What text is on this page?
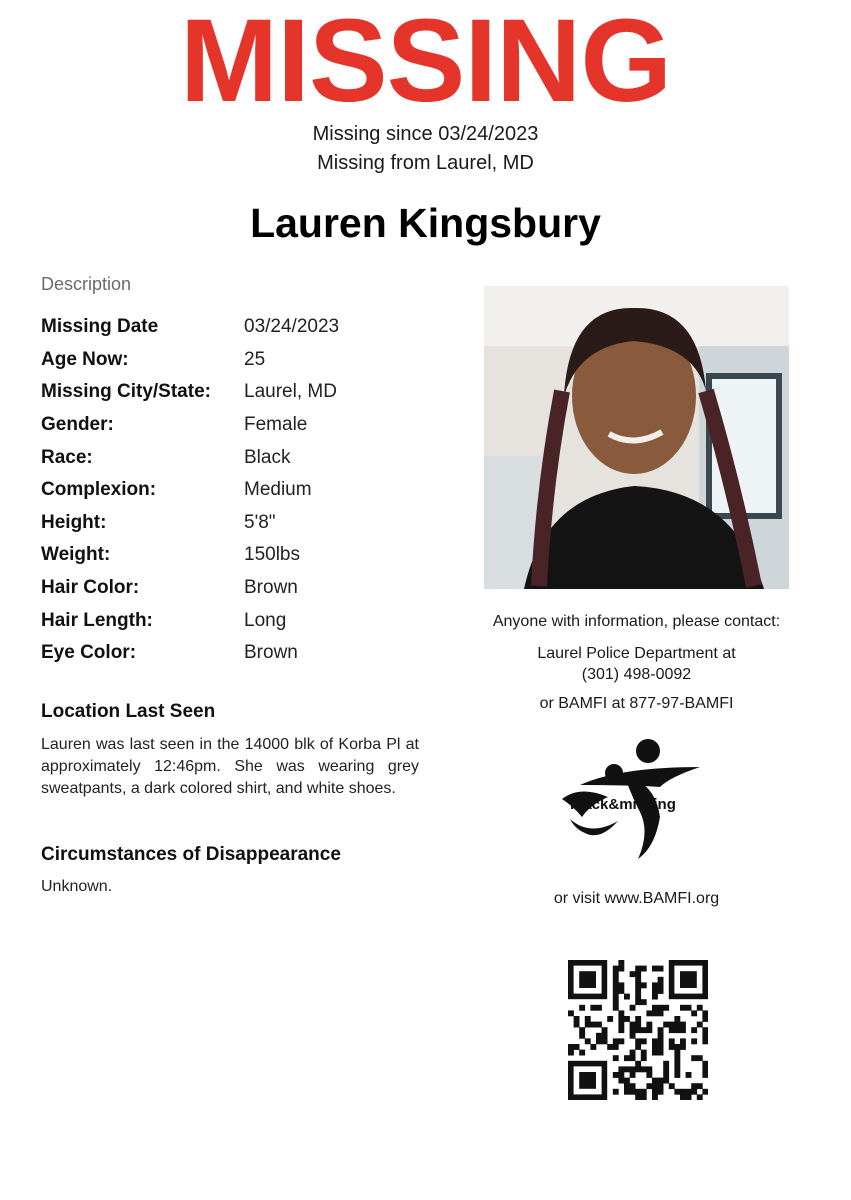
MISSING
Missing since 03/24/2023
Missing from Laurel, MD
Lauren Kingsbury
Description
Missing Date	03/24/2023
Age Now:	25
Missing City/State:	Laurel, MD
Gender:	Female
Race:	Black
Complexion:	Medium
Height:	5'8"
Weight:	150lbs
Hair Color:	Brown
Hair Length:	Long
Eye Color:	Brown
Location Last Seen
Lauren was last seen in the 14000 blk of Korba Pl at approximately 12:46pm. She was wearing grey sweatpants, a dark colored shirt, and white shoes.
Circumstances of Disappearance
Unknown.
Anyone with information, please contact:
Laurel Police Department at
(301) 498-0092
or BAMFI at 877-97-BAMFI
black&missing
or visit www.BAMFI.org
